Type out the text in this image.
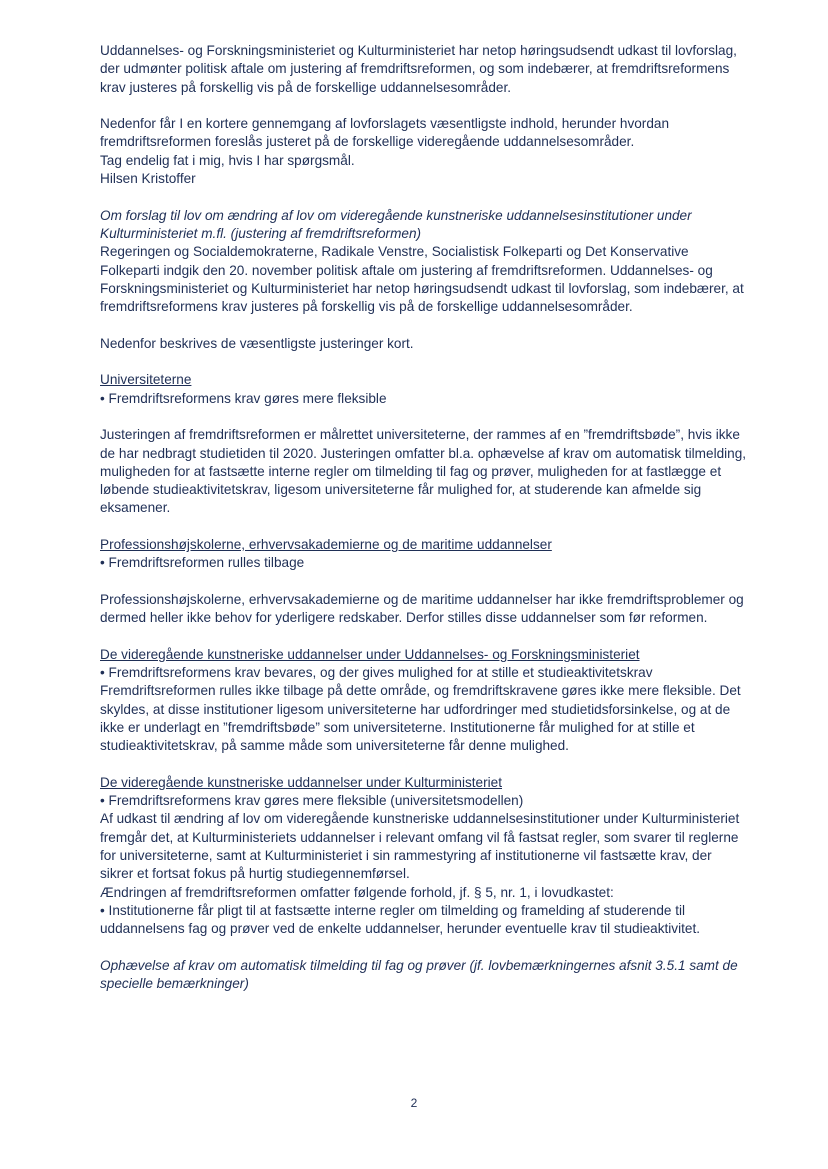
Uddannelses- og Forskningsministeriet og Kulturministeriet har netop høringsudsendt udkast til lovforslag, der udmønter politisk aftale om justering af fremdriftsreformen, og som indebærer, at fremdriftsreformens krav justeres på forskellig vis på de forskellige uddannelsesområder.

Nedenfor får I en kortere gennemgang af lovforslagets væsentligste indhold, herunder hvordan fremdriftsreformen foreslås justeret på de forskellige videregående uddannelsesområder.

Tag endelig fat i mig, hvis I har spørgsmål.

Hilsen Kristoffer

Om forslag til lov om ændring af lov om videregående kunstneriske uddannelsesinstitutioner under Kulturministeriet m.fl. (justering af fremdriftsreformen)

Regeringen og Socialdemokraterne, Radikale Venstre, Socialistisk Folkeparti og Det Konservative Folkeparti indgik den 20. november politisk aftale om justering af fremdriftsreformen. Uddannelses- og Forskningsministeriet og Kulturministeriet har netop høringsudsendt udkast til lovforslag, som indebærer, at fremdriftsreformens krav justeres på forskellig vis på de forskellige uddannelsesområder.

Nedenfor beskrives de væsentligste justeringer kort.

Universiteterne

• Fremdriftsreformens krav gøres mere fleksible

Justeringen af fremdriftsreformen er målrettet universiteterne, der rammes af en ”fremdriftsbøde”, hvis ikke de har nedbragt studietiden til 2020. Justeringen omfatter bl.a. ophævelse af krav om automatisk tilmelding, muligheden for at fastsætte interne regler om tilmelding til fag og prøver, muligheden for at fastlægge et løbende studieaktivitetskrav, ligesom universiteterne får mulighed for, at studerende kan afmelde sig eksamener.

Professionshøjskolerne, erhvervsakademierne og de maritime uddannelser

• Fremdriftsreformen rulles tilbage

Professionshøjskolerne, erhvervsakademierne og de maritime uddannelser har ikke fremdriftsproblemer og dermed heller ikke behov for yderligere redskaber. Derfor stilles disse uddannelser som før reformen.

De videregående kunstneriske uddannelser under Uddannelses- og Forskningsministeriet

• Fremdriftsreformens krav bevares, og der gives mulighed for at stille et studieaktivitetskrav

Fremdriftsreformen rulles ikke tilbage på dette område, og fremdriftskravene gøres ikke mere fleksible. Det skyldes, at disse institutioner ligesom universiteterne har udfordringer med studietidsforsinkelse, og at de ikke er underlagt en ”fremdriftsbøde” som universiteterne. Institutionerne får mulighed for at stille et studieaktivitetskrav, på samme måde som universiteterne får denne mulighed.

De videregående kunstneriske uddannelser under Kulturministeriet

• Fremdriftsreformens krav gøres mere fleksible (universitetsmodellen)

Af udkast til ændring af lov om videregående kunstneriske uddannelsesinstitutioner under Kulturministeriet fremgår det, at Kulturministeriets uddannelser i relevant omfang vil få fastsat regler, som svarer til reglerne for universiteterne, samt at Kulturministeriet i sin rammestyring af institutionerne vil fastsætte krav, der sikrer et fortsat fokus på hurtig studiegennemførsel.

Ændringen af fremdriftsreformen omfatter følgende forhold, jf. § 5, nr. 1, i lovudkastet:

• Institutionerne får pligt til at fastsætte interne regler om tilmelding og framelding af studerende til uddannelsens fag og prøver ved de enkelte uddannelser, herunder eventuelle krav til studieaktivitet.

Ophævelse af krav om automatisk tilmelding til fag og prøver (jf. lovbemærkningernes afsnit 3.5.1 samt de specielle bemærkninger)

2
